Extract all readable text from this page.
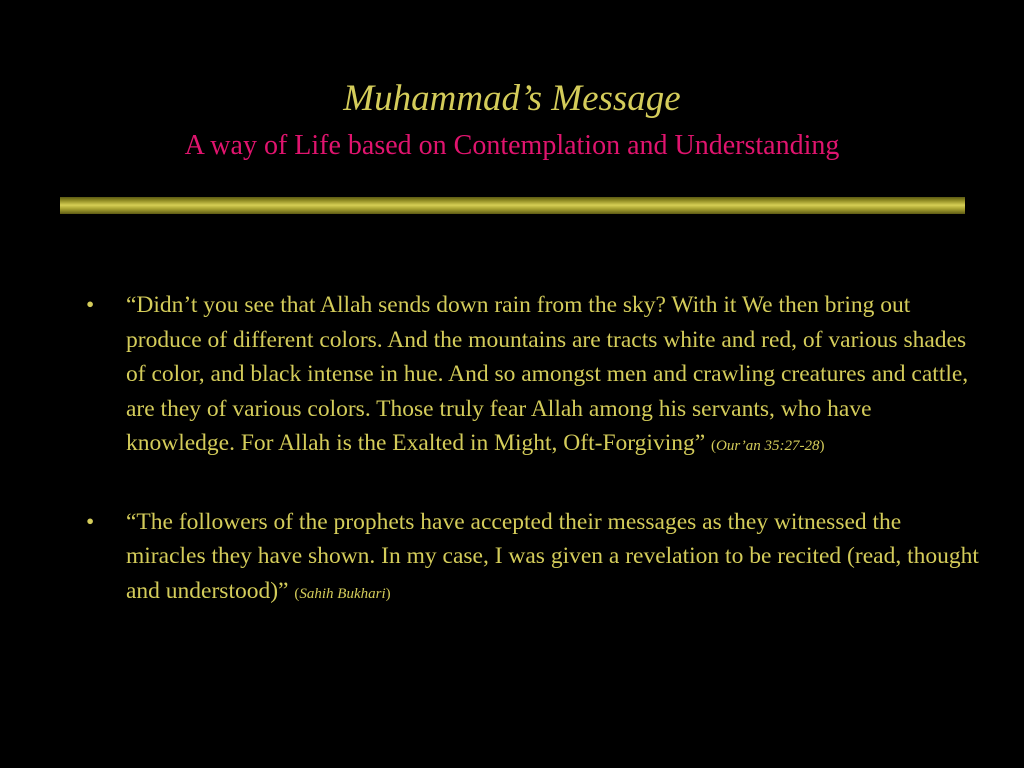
Muhammad’s Message
A way of Life based on Contemplation and Understanding
• “Didn’t you see that Allah sends down rain from the sky? With it We then bring out produce of different colors. And the mountains are tracts white and red, of various shades of color, and black intense in hue. And so amongst men and crawling creatures and cattle, are they of various colors. Those truly fear Allah among his servants, who have knowledge. For Allah is the Exalted in Might, Oft-Forgiving” (Our’an 35:27-28)
• “The followers of the prophets have accepted their messages as they witnessed the miracles they have shown. In my case, I was given a revelation to be recited (read, thought and understood)” (Sahih Bukhari)
